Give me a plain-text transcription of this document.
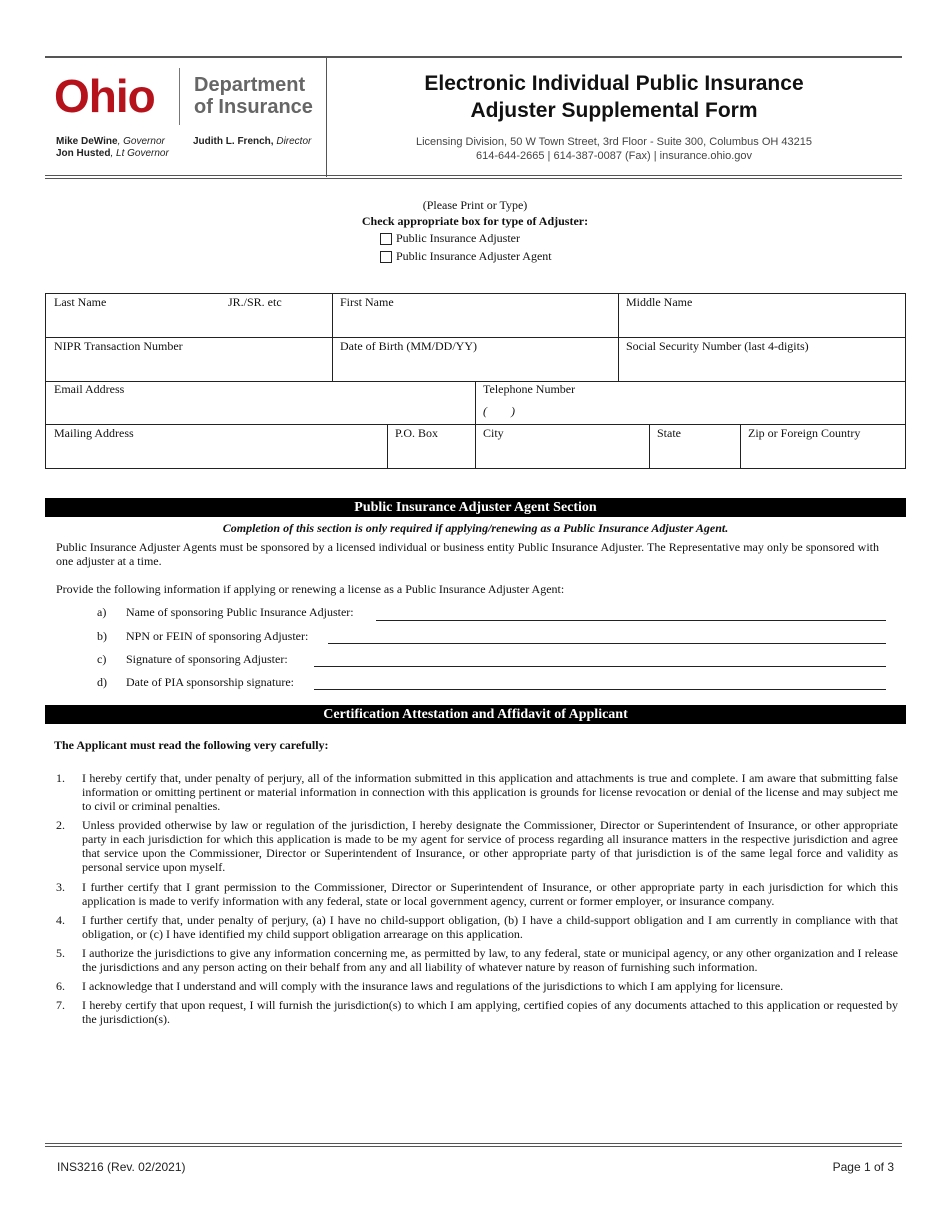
Ohio Department
of Insurance
Mike DeWine, Governor
Jon Husted, Lt Governor
Judith L. French, Director
Electronic Individual Public Insurance
Adjuster Supplemental Form
Licensing Division, 50 W Town Street, 3rd Floor - Suite 300, Columbus OH 43215
614-644-2665 | 614-387-0087 (Fax) | insurance.ohio.gov
(Please Print or Type)
Check appropriate box for type of Adjuster:
Public Insurance Adjuster
Public Insurance Adjuster Agent
Last Name	JR./SR. etc	First Name	Middle Name
NIPR Transaction Number	Date of Birth (MM/DD/YY)	Social Security Number (last 4-digits)
Email Address	Telephone Number
(        )
Mailing Address	P.O. Box	City	State	Zip or Foreign Country
Public Insurance Adjuster Agent Section
Completion of this section is only required if applying/renewing as a Public Insurance Adjuster Agent.
Public Insurance Adjuster Agents must be sponsored by a licensed individual or business entity Public Insurance Adjuster. The Representative may only be sponsored with one adjuster at a time.
Provide the following information if applying or renewing a license as a Public Insurance Adjuster Agent:
a) Name of sponsoring Public Insurance Adjuster:
b) NPN or FEIN of sponsoring Adjuster:
c) Signature of sponsoring Adjuster:
d) Date of PIA sponsorship signature:
Certification Attestation and Affidavit of Applicant
The Applicant must read the following very carefully:
1.	I hereby certify that, under penalty of perjury, all of the information submitted in this application and attachments is true and complete. I am aware that submitting false information or omitting pertinent or material information in connection with this application is grounds for license revocation or denial of the license and may subject me to civil or criminal penalties.
2.	Unless provided otherwise by law or regulation of the jurisdiction, I hereby designate the Commissioner, Director or Superintendent of Insurance, or other appropriate party in each jurisdiction for which this application is made to be my agent for service of process regarding all insurance matters in the respective jurisdiction and agree that service upon the Commissioner, Director or Superintendent of Insurance, or other appropriate party of that jurisdiction is of the same legal force and validity as personal service upon myself.
3.	I further certify that I grant permission to the Commissioner, Director or Superintendent of Insurance, or other appropriate party in each jurisdiction for which this application is made to verify information with any federal, state or local government agency, current or former employer, or insurance company.
4.	I further certify that, under penalty of perjury, (a) I have no child-support obligation, (b) I have a child-support obligation and I am currently in compliance with that obligation, or (c) I have identified my child support obligation arrearage on this application.
5.	I authorize the jurisdictions to give any information concerning me, as permitted by law, to any federal, state or municipal agency, or any other organization and I release the jurisdictions and any person acting on their behalf from any and all liability of whatever nature by reason of furnishing such information.
6.	I acknowledge that I understand and will comply with the insurance laws and regulations of the jurisdictions to which I am applying for licensure.
7.	I hereby certify that upon request, I will furnish the jurisdiction(s) to which I am applying, certified copies of any documents attached to this application or requested by the jurisdiction(s).
INS3216 (Rev. 02/2021)	Page 1 of 3
